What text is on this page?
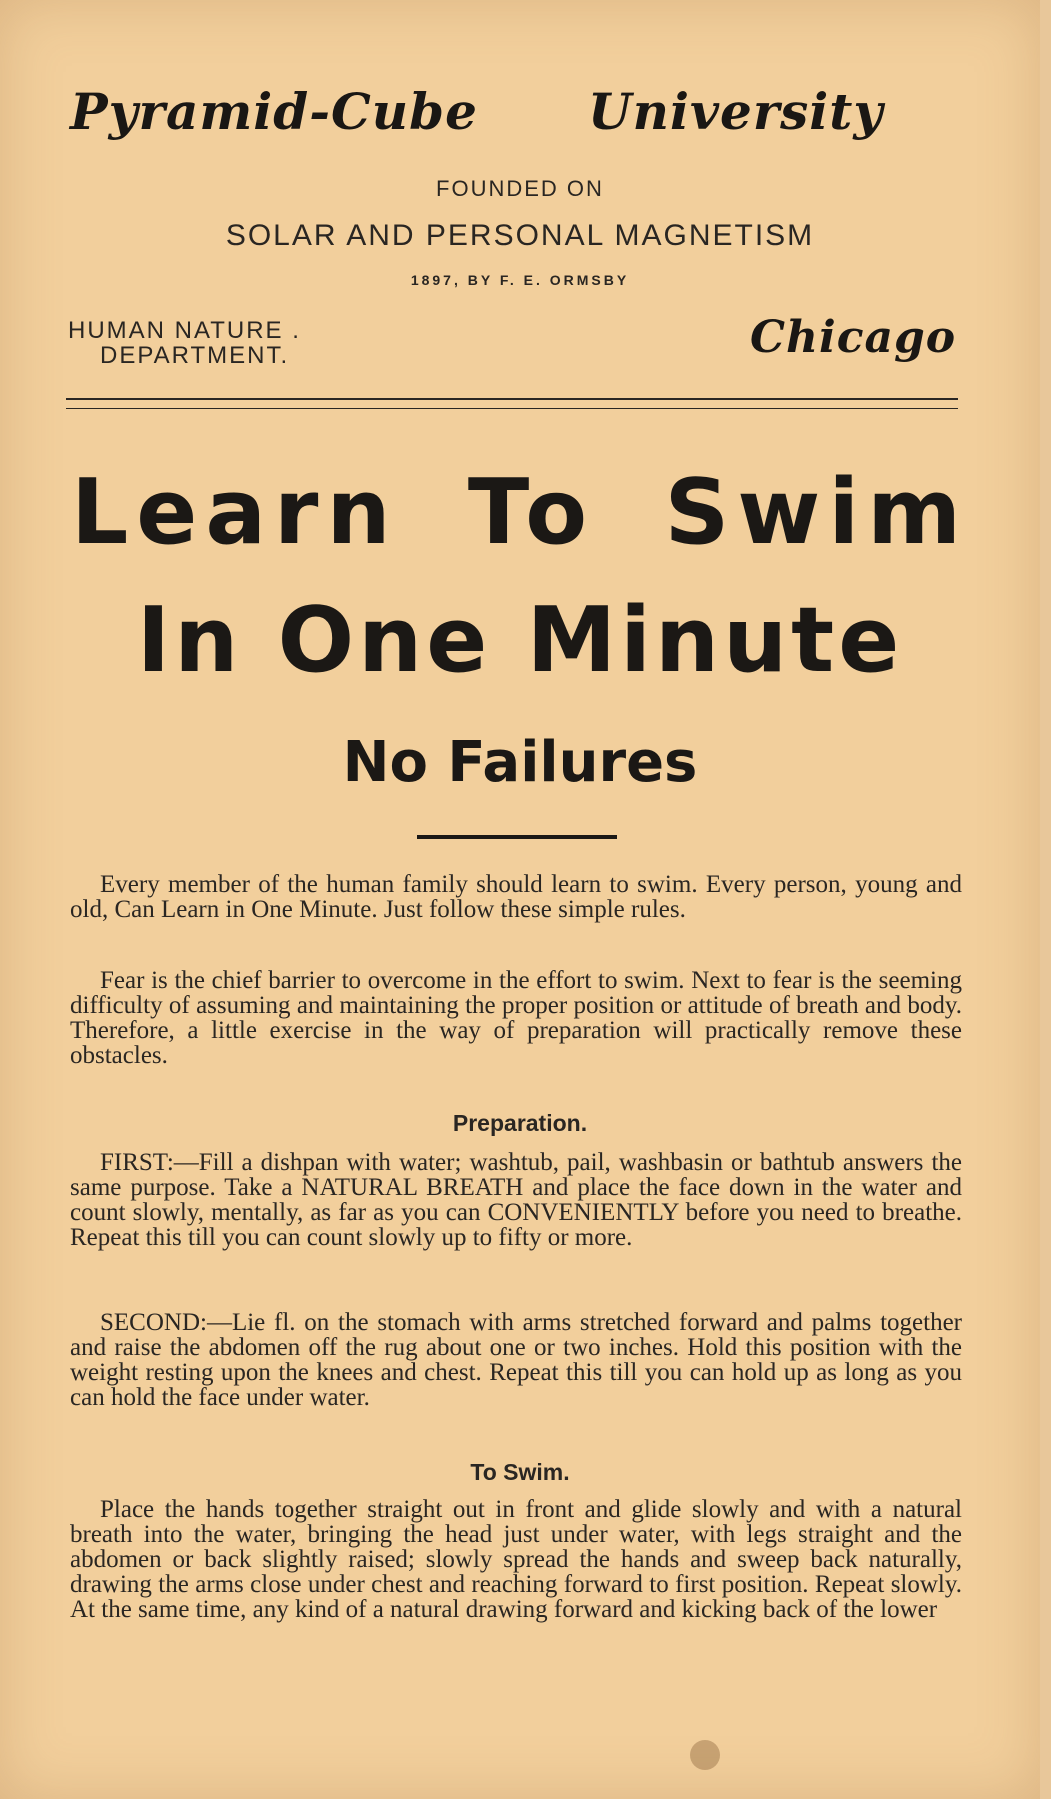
Pyramid-Cube University
FOUNDED ON
SOLAR AND PERSONAL MAGNETISM
1897, BY F. E. ORMSBY
HUMAN NATURE .
DEPARTMENT.	Chicago
Learn To Swim
In One Minute
No Failures
Every member of the human family should learn to swim. Every person, young and old, Can Learn in One Minute. Just follow these simple rules.
Fear is the chief barrier to overcome in the effort to swim. Next to fear is the seeming difficulty of assuming and maintaining the proper position or attitude of breath and body. Therefore, a little exercise in the way of preparation will practically remove these obstacles.
Preparation.
FIRST:—Fill a dishpan with water; washtub, pail, washbasin or bathtub answers the same purpose. Take a NATURAL BREATH and place the face down in the water and count slowly, mentally, as far as you can CONVENIENTLY before you need to breathe. Repeat this till you can count slowly up to fifty or more.
SECOND:—Lie fl. on the stomach with arms stretched forward and palms together and raise the abdomen off the rug about one or two inches. Hold this position with the weight resting upon the knees and chest. Repeat this till you can hold up as long as you can hold the face under water.
To Swim.
Place the hands together straight out in front and glide slowly and with a natural breath into the water, bringing the head just under water, with legs straight and the abdomen or back slightly raised; slowly spread the hands and sweep back naturally, drawing the arms close under chest and reaching forward to first position. Repeat slowly. At the same time, any kind of a natural drawing forward and kicking back of the lower
